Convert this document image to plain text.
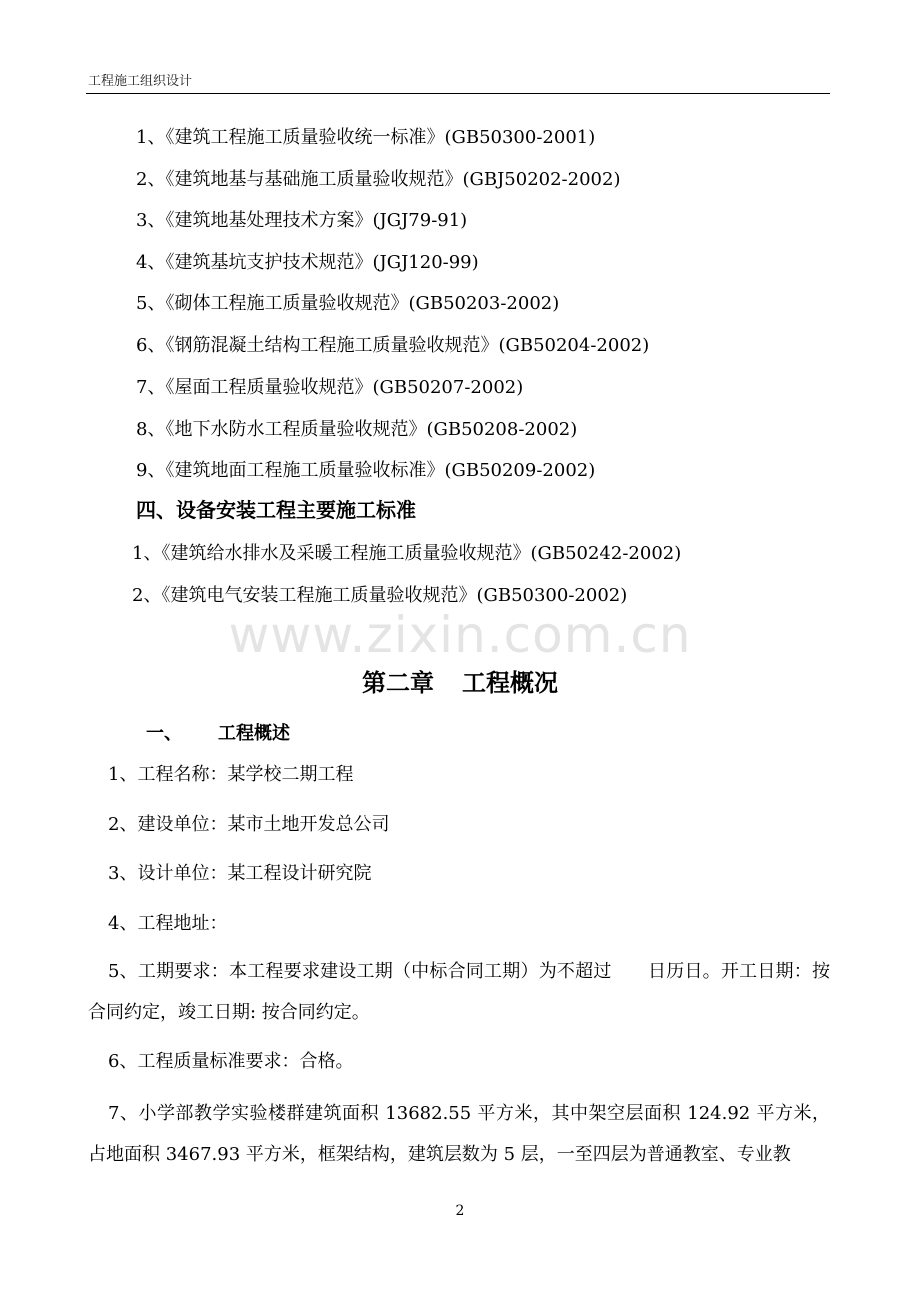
工程施工组织设计
1、《建筑工程施工质量验收统一标准》(GB50300-2001)
2、《建筑地基与基础施工质量验收规范》(GBJ50202-2002)
3、《建筑地基处理技术方案》(JGJ79-91)
4、《建筑基坑支护技术规范》(JGJ120-99)
5、《砌体工程施工质量验收规范》(GB50203-2002)
6、《钢筋混凝土结构工程施工质量验收规范》(GB50204-2002)
7、《屋面工程质量验收规范》(GB50207-2002)
8、《地下水防水工程质量验收规范》(GB50208-2002)
9、《建筑地面工程施工质量验收标准》(GB50209-2002)
四、设备安装工程主要施工标准
1、《建筑给水排水及采暖工程施工质量验收规范》(GB50242-2002)
2、《建筑电气安装工程施工质量验收规范》(GB50300-2002)
www.zixin.com.cn
第二章 工程概况
一、 工程概述
1、工程名称：某学校二期工程
2、建设单位：某市土地开发总公司
3、设计单位：某工程设计研究院
4、工程地址：
5、工期要求：本工程要求建设工期（中标合同工期）为不超过　　日历日。开工日期：按合同约定，竣工日期: 按合同约定。
6、工程质量标准要求：合格。
7、小学部教学实验楼群建筑面积 13682.55 平方米，其中架空层面积 124.92 平方米，占地面积 3467.93 平方米，框架结构，建筑层数为 5 层，一至四层为普通教室、专业教
2
